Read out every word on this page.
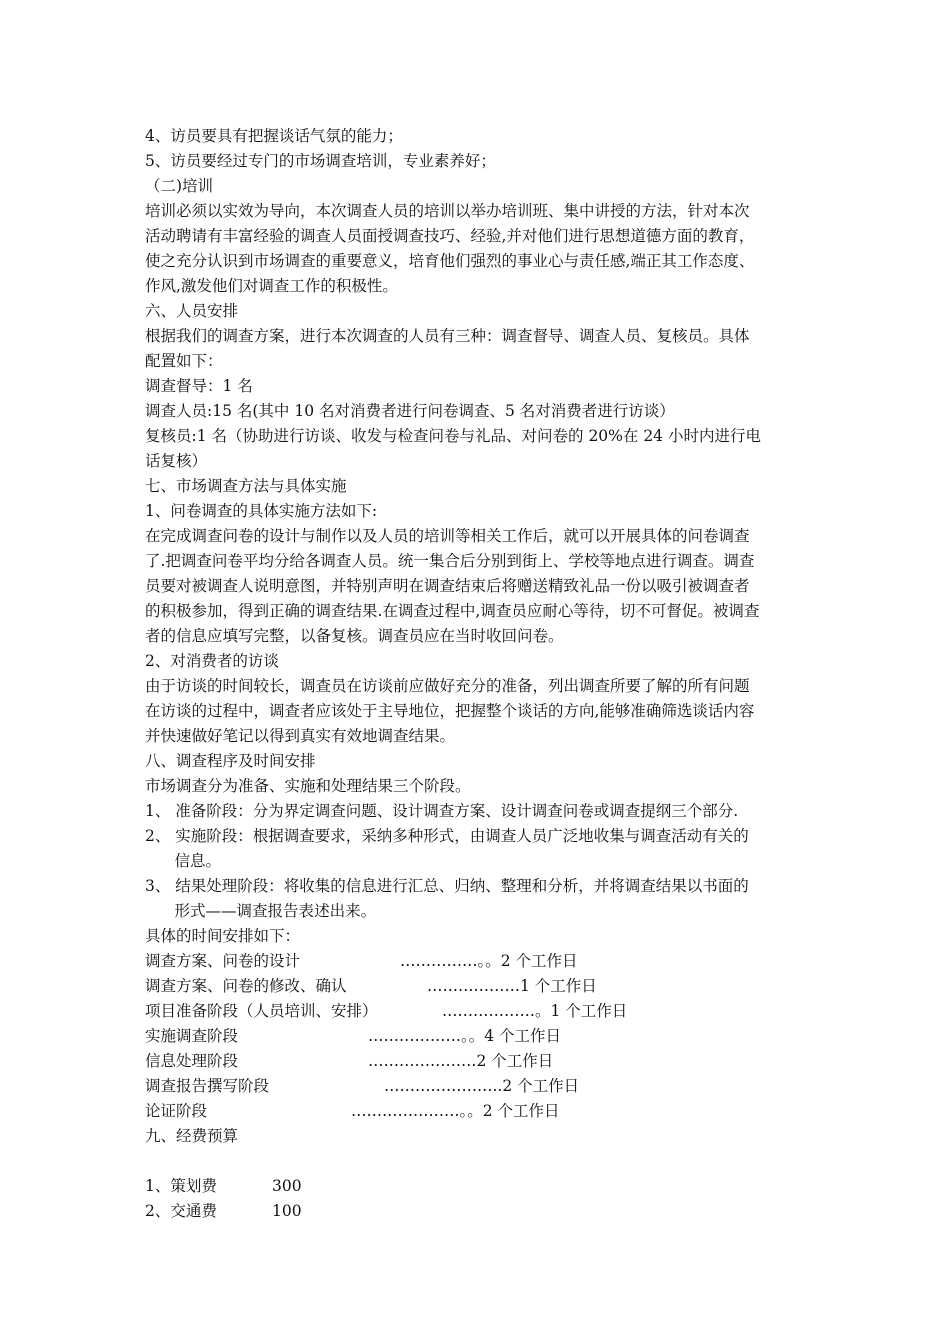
4、访员要具有把握谈话气氛的能力；
5、访员要经过专门的市场调查培训，专业素养好；
（二)培训
培训必须以实效为导向，本次调查人员的培训以举办培训班、集中讲授的方法，针对本次
活动聘请有丰富经验的调查人员面授调查技巧、经验,并对他们进行思想道德方面的教育，
使之充分认识到市场调查的重要意义，培育他们强烈的事业心与责任感,端正其工作态度、
作风,激发他们对调查工作的积极性。
六、人员安排
根据我们的调查方案，进行本次调查的人员有三种：调查督导、调查人员、复核员。具体
配置如下：
调查督导：1 名
调查人员:15 名(其中 10 名对消费者进行问卷调查、5 名对消费者进行访谈）
复核员:1 名（协助进行访谈、收发与检查问卷与礼品、对问卷的 20%在 24 小时内进行电
话复核）
七、市场调查方法与具体实施
1、问卷调查的具体实施方法如下:
在完成调查问卷的设计与制作以及人员的培训等相关工作后，就可以开展具体的问卷调查
了.把调查问卷平均分给各调查人员。统一集合后分别到街上、学校等地点进行调查。调查
员要对被调查人说明意图，并特别声明在调查结束后将赠送精致礼品一份以吸引被调查者
的积极参加，得到正确的调查结果.在调查过程中,调查员应耐心等待，切不可督促。被调查
者的信息应填写完整，以备复核。调查员应在当时收回问卷。
2、对消费者的访谈
由于访谈的时间较长，调查员在访谈前应做好充分的准备，列出调查所要了解的所有问题
在访谈的过程中，调查者应该处于主导地位，把握整个谈话的方向,能够准确筛选谈话内容
并快速做好笔记以得到真实有效地调查结果。
八、调查程序及时间安排
市场调查分为准备、实施和处理结果三个阶段。
1、 准备阶段：分为界定调查问题、设计调查方案、设计调查问卷或调查提纲三个部分.
2、 实施阶段：根据调查要求，采纳多种形式，由调查人员广泛地收集与调查活动有关的
信息。
3、 结果处理阶段：将收集的信息进行汇总、归纳、整理和分析，并将调查结果以书面的
形式——调查报告表述出来。
具体的时间安排如下：
调查方案、问卷的设计	……………。。2 个工作日
调查方案、问卷的修改、确认	………………1 个工作日
项目准备阶段（人员培训、安排）	………………。1 个工作日
实施调查阶段	………………。。4 个工作日
信息处理阶段	…………………2 个工作日
调查报告撰写阶段	…………………..2 个工作日
论证阶段	…………………。。2 个工作日
九、经费预算
1、策划费	300
2、交通费	100
